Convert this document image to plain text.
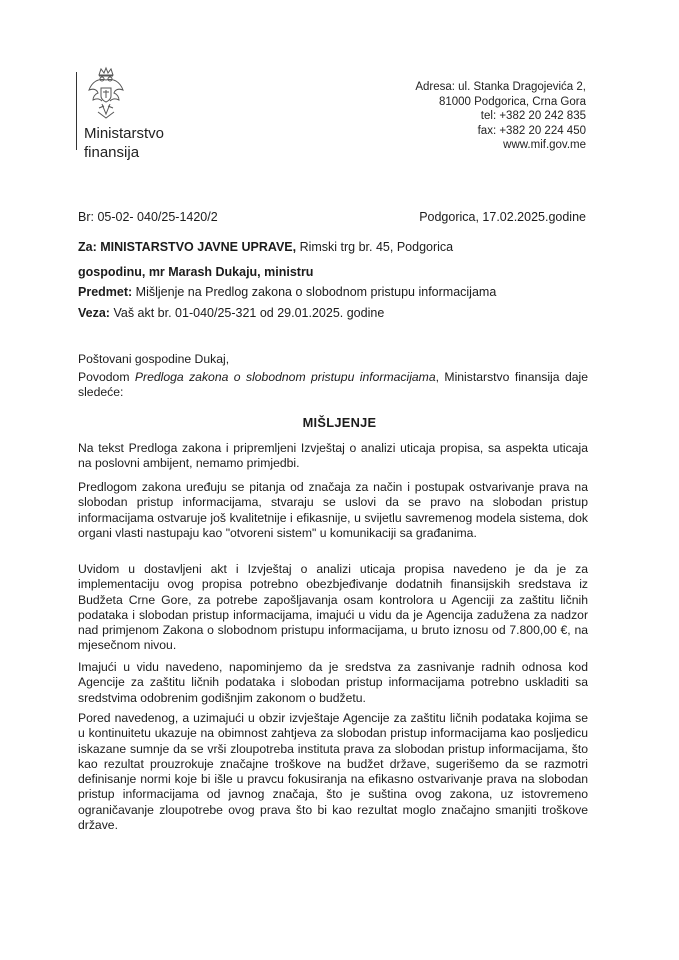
Ministarstvo
finansija
Adresa: ul. Stanka Dragojevića 2,
81000 Podgorica, Crna Gora
tel: +382 20 242 835
fax: +382 20 224 450
www.mif.gov.me
Br: 05-02- 040/25-1420/2	Podgorica, 17.02.2025.godine
Za: MINISTARSTVO JAVNE UPRAVE, Rimski trg br. 45, Podgorica
gospodinu, mr Marash Dukaju, ministru
Predmet: Mišljenje na Predlog zakona o slobodnom pristupu informacijama
Veza: Vaš akt br. 01-040/25-321 od 29.01.2025. godine
Poštovani gospodine Dukaj,
Povodom Predloga zakona o slobodnom pristupu informacijama, Ministarstvo finansija daje sledeće:
MIŠLJENJE
Na tekst Predloga zakona i pripremljeni Izvještaj o analizi uticaja propisa, sa aspekta uticaja na poslovni ambijent, nemamo primjedbi.
Predlogom zakona uređuju se pitanja od značaja za način i postupak ostvarivanje prava na slobodan pristup informacijama, stvaraju se uslovi da se pravo na slobodan pristup informacijama ostvaruje još kvalitetnije i efikasnije, u svijetlu savremenog modela sistema, dok organi vlasti nastupaju kao "otvoreni sistem" u komunikaciji sa građanima.
Uvidom u dostavljeni akt i Izvještaj o analizi uticaja propisa navedeno je da je za implementaciju ovog propisa potrebno obezbjeđivanje dodatnih finansijskih sredstava iz Budžeta Crne Gore, za potrebe zapošljavanja osam kontrolora u Agenciji za zaštitu ličnih podataka i slobodan pristup informacijama, imajući u vidu da je Agencija zadužena za nadzor nad primjenom Zakona o slobodnom pristupu informacijama, u bruto iznosu od 7.800,00 €, na mjesečnom nivou.
Imajući u vidu navedeno, napominjemo da je sredstva za zasnivanje radnih odnosa kod Agencije za zaštitu ličnih podataka i slobodan pristup informacijama potrebno uskladiti sa sredstvima odobrenim godišnjim zakonom o budžetu.
Pored navedenog, a uzimajući u obzir izvještaje Agencije za zaštitu ličnih podataka kojima se u kontinuitetu ukazuje na obimnost zahtjeva za slobodan pristup informacijama kao posljedicu iskazane sumnje da se vrši zloupotreba instituta prava za slobodan pristup informacijama, što kao rezultat prouzrokuje značajne troškove na budžet države, sugerišemo da se razmotri definisanje normi koje bi išle u pravcu fokusiranja na efikasno ostvarivanje prava na slobodan pristup informacijama od javnog značaja, što je suština ovog zakona, uz istovremeno ograničavanje zloupotrebe ovog prava što bi kao rezultat moglo značajno smanjiti troškove države.
